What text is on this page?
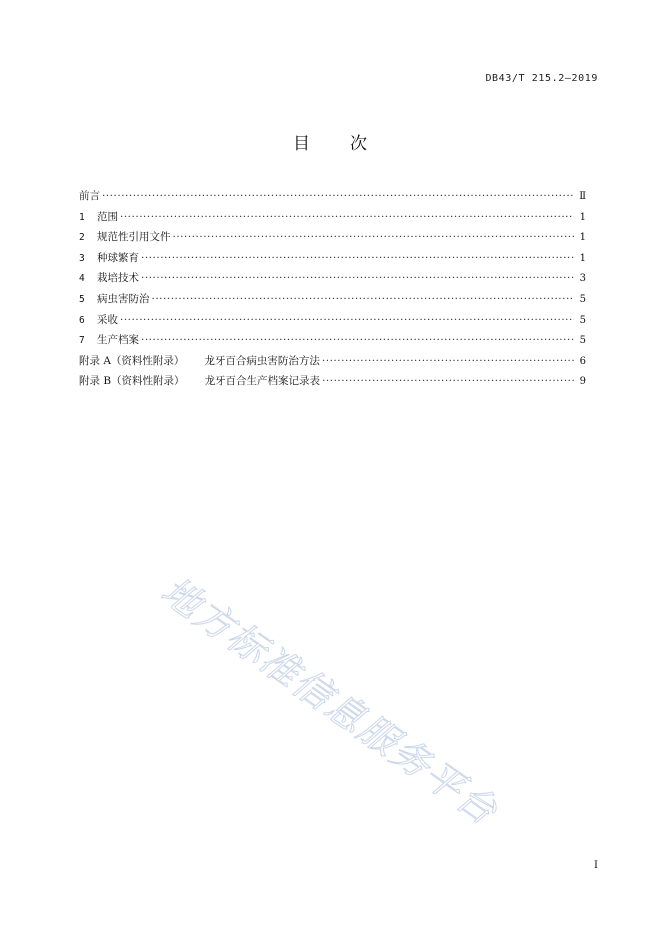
DB43/T 215.2—2019
目 次
前言 ·····	Ⅱ
1	范围 ·····	1
2	规范性引用文件 ·····	1
3	种球繁育 ·····	1
4	栽培技术 ·····	3
5	病虫害防治 ·····	5
6	采收 ·····	5
7	生产档案 ·····	5
附录 A（资料性附录） 龙牙百合病虫害防治方法 ·····	6
附录 B（资料性附录） 龙牙百合生产档案记录表 ·····	9
地方标准信息服务平台
I
